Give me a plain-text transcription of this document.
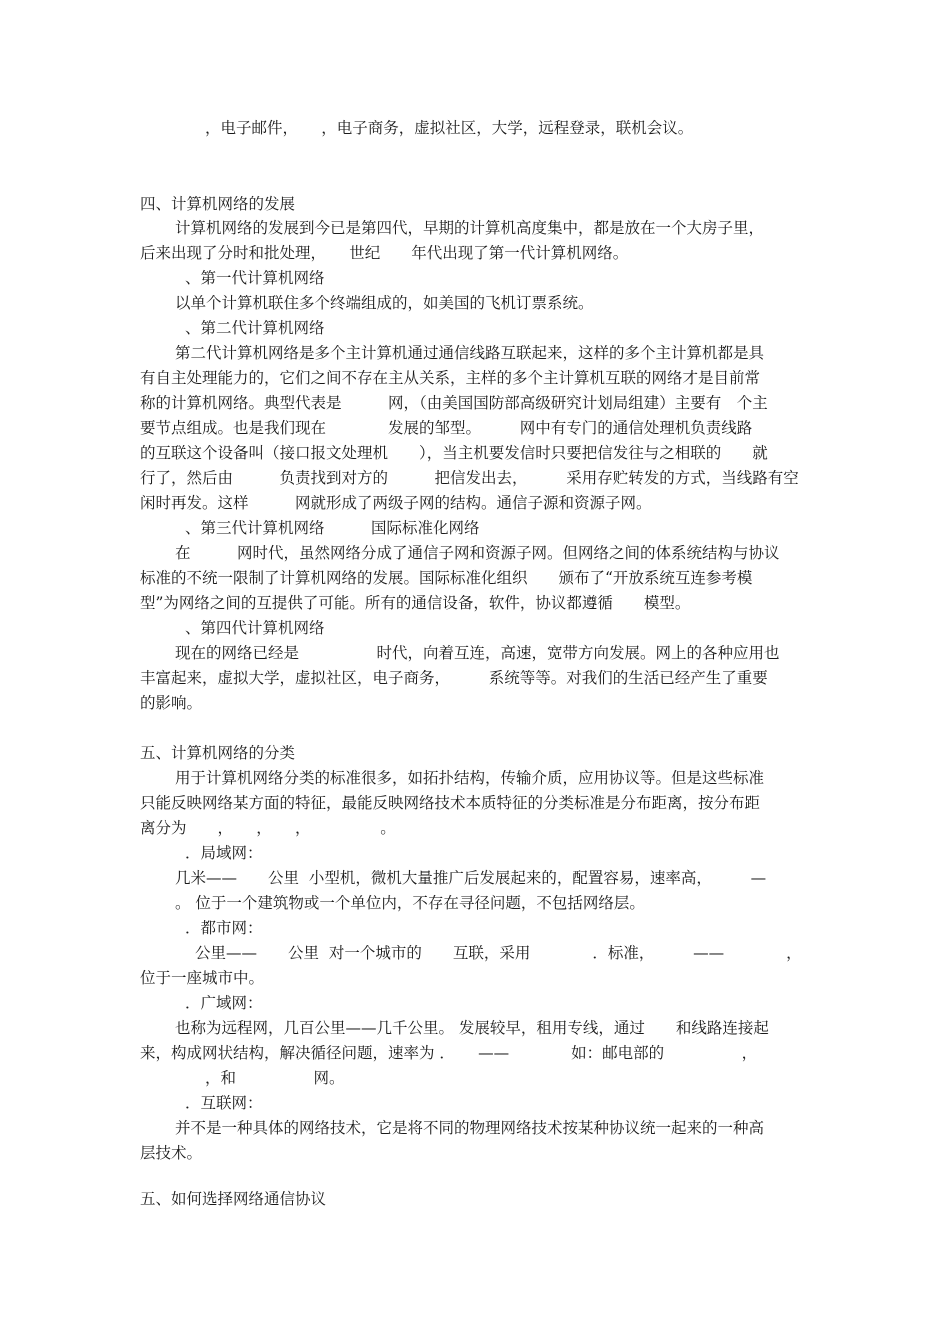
，电子邮件，　　，电子商务，虚拟社区，大学，远程登录，联机会议。
四、计算机网络的发展
计算机网络的发展到今已是第四代，早期的计算机高度集中，都是放在一个大房子里，
后来出现了分时和批处理，　　世纪　　年代出现了第一代计算机网络。
、第一代计算机网络
以单个计算机联住多个终端组成的，如美国的飞机订票系统。
、第二代计算机网络
第二代计算机网络是多个主计算机通过通信线路互联起来，这样的多个主计算机都是具
有自主处理能力的，它们之间不存在主从关系，主样的多个主计算机互联的网络才是目前常
称的计算机网络。典型代表是　　　网，（由美国国防部高级研究计划局组建）主要有　个主
要节点组成。也是我们现在　　　　发展的邹型。　　　网中有专门的通信处理机负责线路
的互联这个设备叫（接口报文处理机　　），当主机要发信时只要把信发往与之相联的　　就
行了，然后由　　　负责找到对方的　　　把信发出去，　　　采用存贮转发的方式，当线路有空
闲时再发。这样　　　网就形成了两级子网的结构。通信子源和资源子网。
、第三代计算机网络　　　国际标准化网络
在　　　网时代，虽然网络分成了通信子网和资源子网。但网络之间的体系统结构与协议
标准的不统一限制了计算机网络的发展。国际标准化组织　　颁布了“开放系统互连参考模
型”为网络之间的互提供了可能。所有的通信设备，软件，协议都遵循　　模型。
、第四代计算机网络
现在的网络已经是　　　　　时代，向着互连，高速，宽带方向发展。网上的各种应用也
丰富起来，虚拟大学，虚拟社区，电子商务，　　　系统等等。对我们的生活已经产生了重要
的影响。
五、计算机网络的分类
用于计算机网络分类的标准很多，如拓扑结构，传输介质，应用协议等。但是这些标准
只能反映网络某方面的特征，最能反映网络技术本质特征的分类标准是分布距离，按分布距
离分为　　，　　，　　，　　　　　。
．局域网：
几米——　　公里  小型机，微机大量推广后发展起来的，配置容易，速率高，　　　—
。 位于一个建筑物或一个单位内，不存在寻径问题，不包括网络层。
．都市网：
公里——　　公里  对一个城市的　　互联，采用　　　　．标准，　　　——　　　　，
位于一座城市中。
．广域网：
也称为远程网，几百公里——几千公里。 发展较早，租用专线，通过　　和线路连接起
来，构成网状结构，解决循径问题，速率为 ．　　——　　　　如：邮电部的　　　　　，
，和　　　　　网。
．互联网：
并不是一种具体的网络技术，它是将不同的物理网络技术按某种协议统一起来的一种高
层技术。
五、如何选择网络通信协议
